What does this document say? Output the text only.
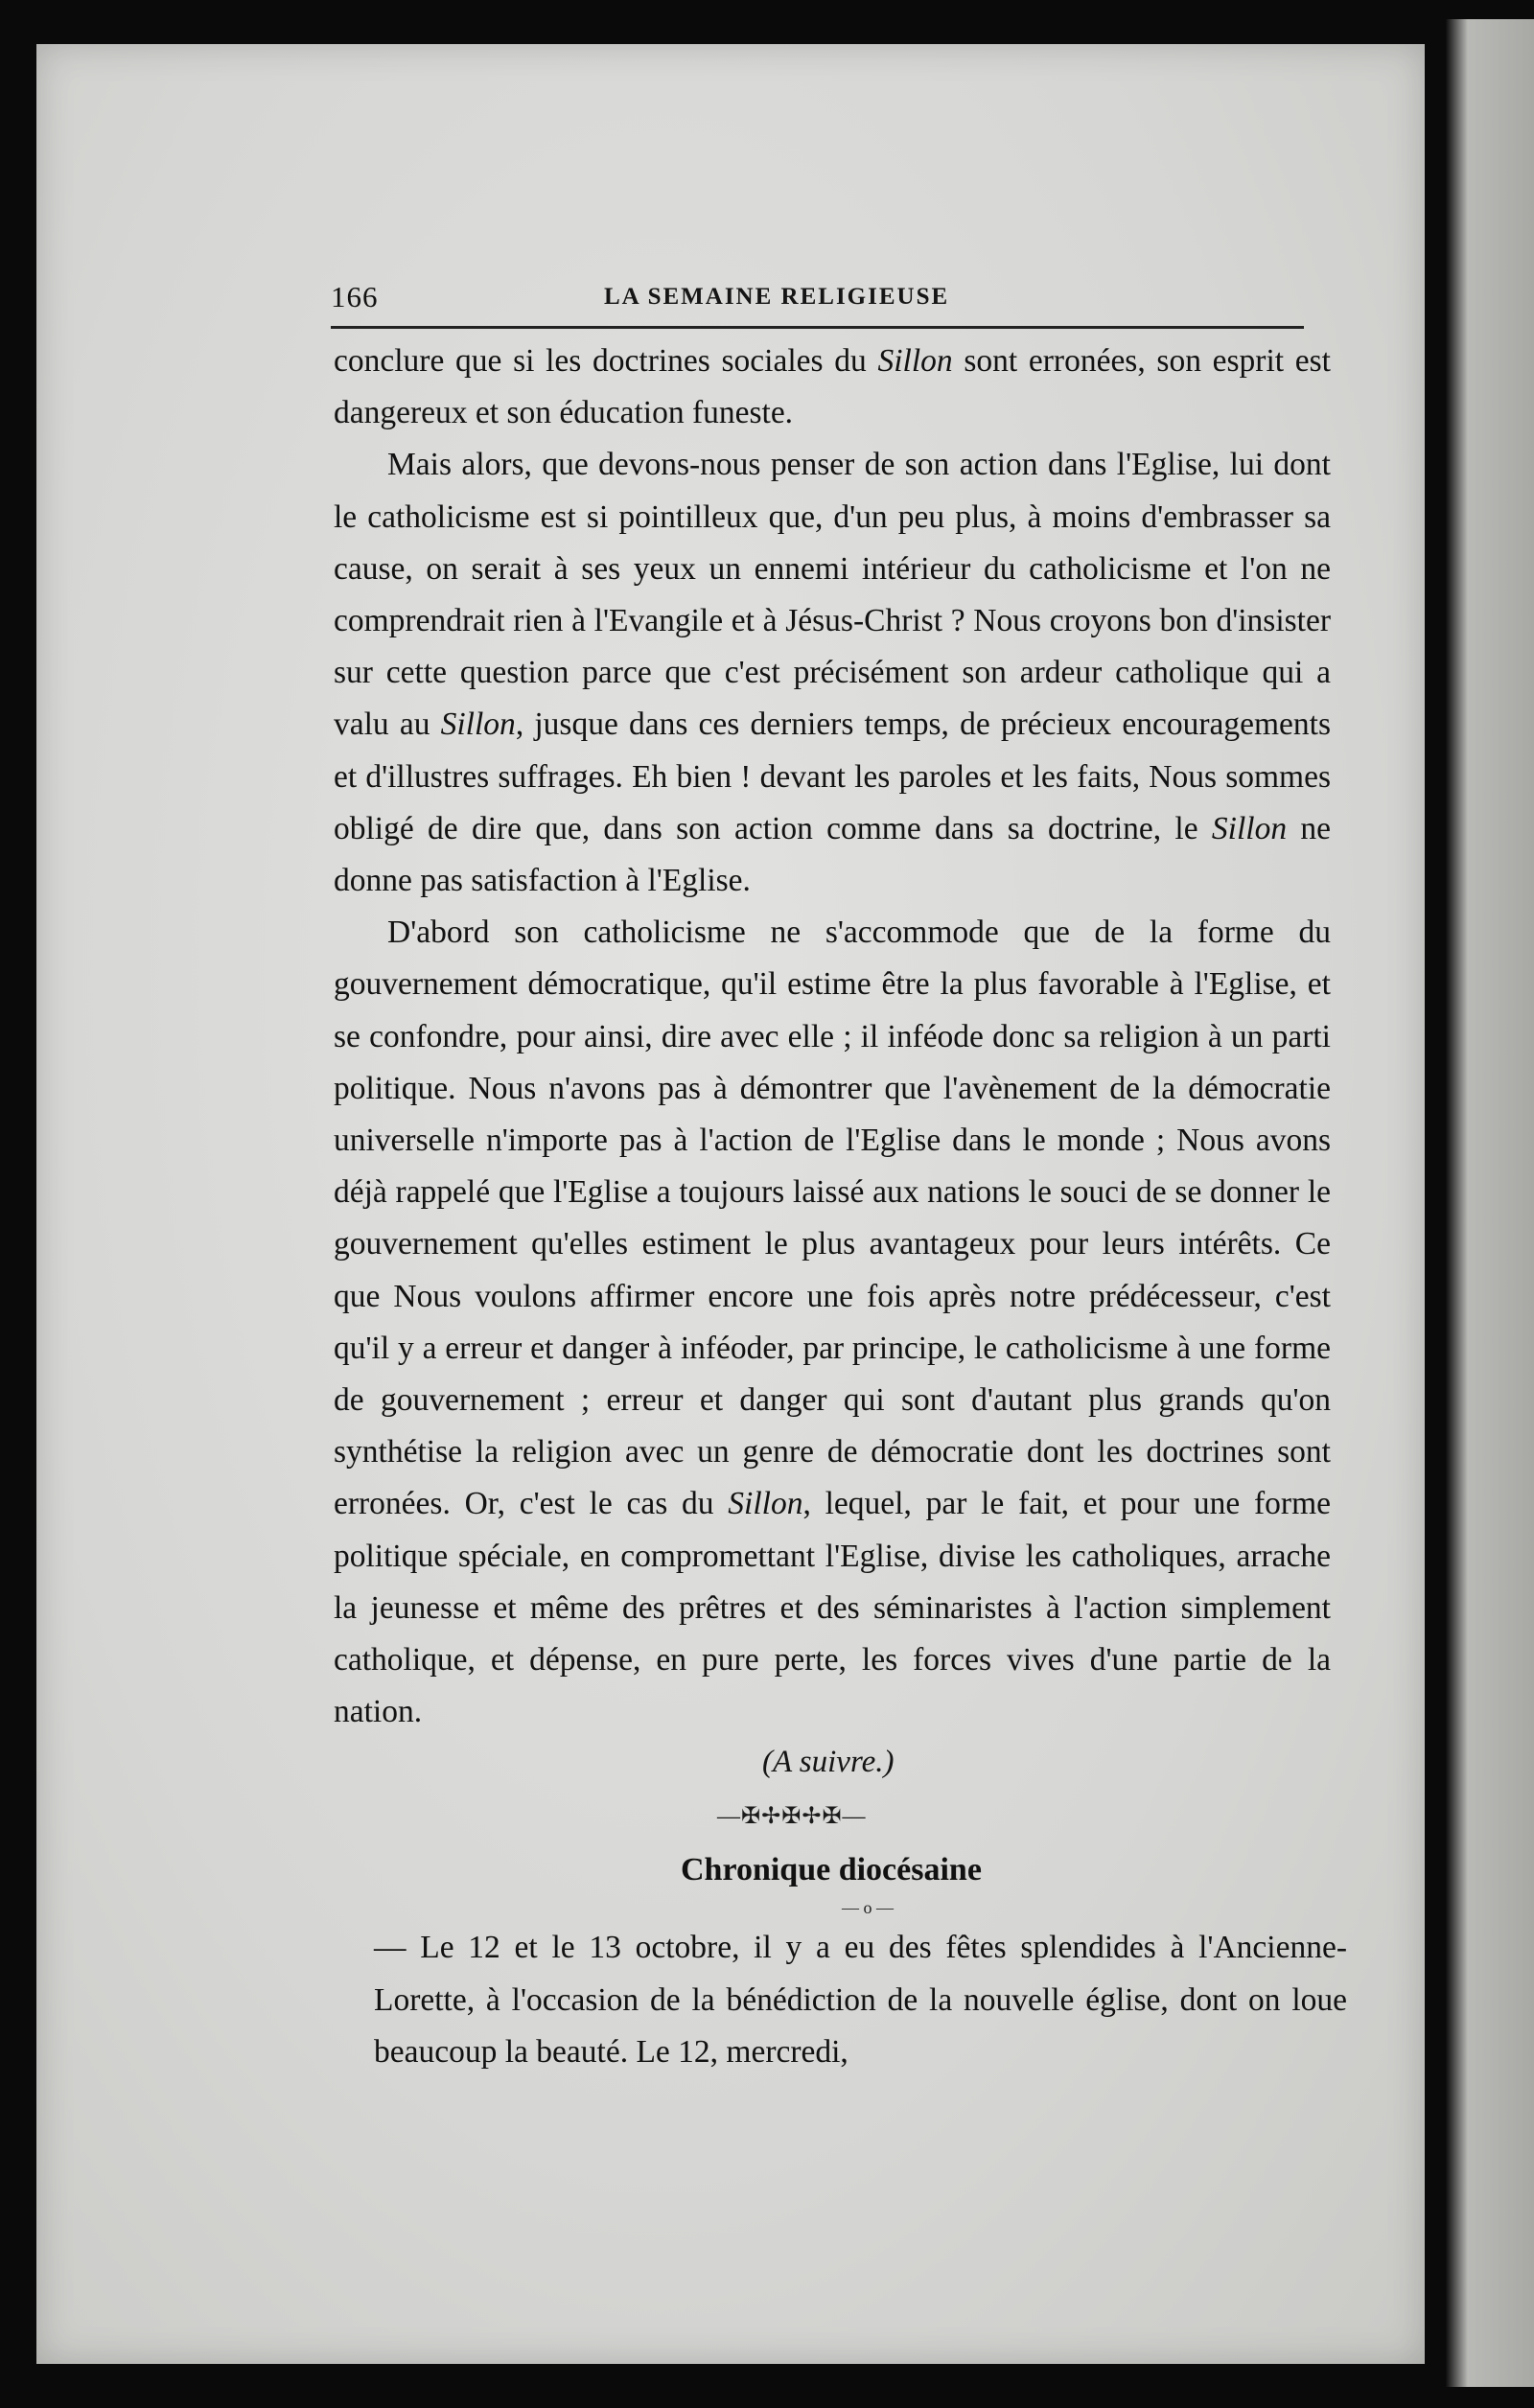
166	LA SEMAINE RELIGIEUSE

conclure que si les doctrines sociales du Sillon sont erronées, son esprit est dangereux et son éducation funeste.

Mais alors, que devons-nous penser de son action dans l'Eglise, lui dont le catholicisme est si pointilleux que, d'un peu plus, à moins d'embrasser sa cause, on serait à ses yeux un ennemi intérieur du catholicisme et l'on ne comprendrait rien à l'Evangile et à Jésus-Christ ? Nous croyons bon d'insister sur cette question parce que c'est précisément son ardeur catholique qui a valu au Sillon, jusque dans ces derniers temps, de précieux encouragements et d'illustres suffrages. Eh bien ! devant les paroles et les faits, Nous sommes obligé de dire que, dans son action comme dans sa doctrine, le Sillon ne donne pas satisfaction à l'Eglise.

D'abord son catholicisme ne s'accommode que de la forme du gouvernement démocratique, qu'il estime être la plus favorable à l'Eglise, et se confondre, pour ainsi, dire avec elle ; il inféode donc sa religion à un parti politique. Nous n'avons pas à démontrer que l'avènement de la démocratie universelle n'importe pas à l'action de l'Eglise dans le monde ; Nous avons déjà rappelé que l'Eglise a toujours laissé aux nations le souci de se donner le gouvernement qu'elles estiment le plus avantageux pour leurs intérêts. Ce que Nous voulons affirmer encore une fois après notre prédécesseur, c'est qu'il y a erreur et danger à inféoder, par principe, le catholicisme à une forme de gouvernement ; erreur et danger qui sont d'autant plus grands qu'on synthétise la religion avec un genre de démocratie dont les doctrines sont erronées. Or, c'est le cas du Sillon, lequel, par le fait, et pour une forme politique spéciale, en compromettant l'Eglise, divise les catholiques, arrache la jeunesse et même des prêtres et des séminaristes à l'action simplement catholique, et dépense, en pure perte, les forces vives d'une partie de la nation.

(A suivre.)
—✠✢✠✢✠—
Chronique diocésaine
— o —

— Le 12 et le 13 octobre, il y a eu des fêtes splendides à l'Ancienne-Lorette, à l'occasion de la bénédiction de la nouvelle église, dont on loue beaucoup la beauté. Le 12, mercredi,
